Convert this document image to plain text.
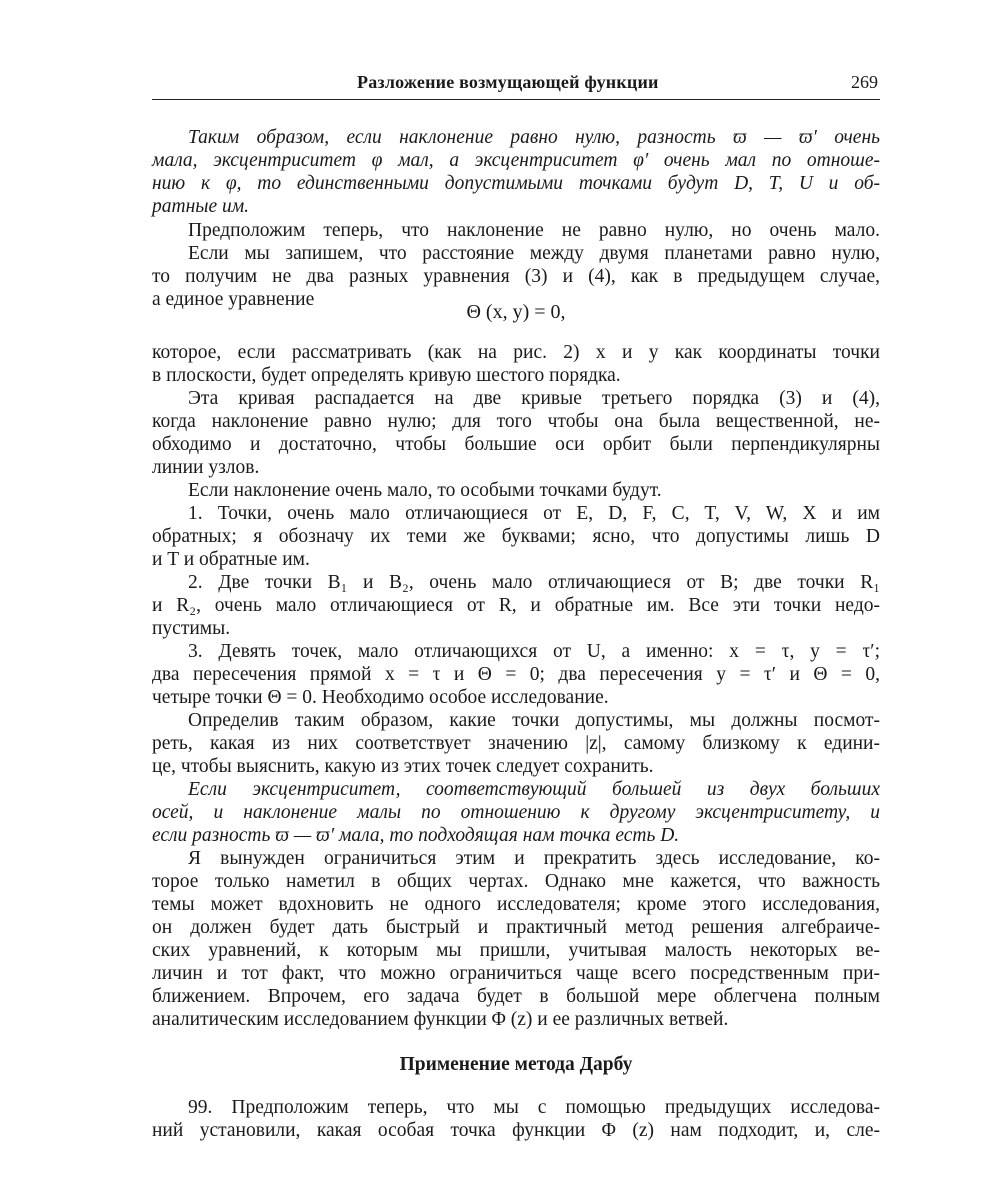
Разложение возмущающей функции	269

Таким образом, если наклонение равно нулю, разность ϖ — ϖ′ очень

мала, эксцентриситет φ мал, а эксцентриситет φ′ очень мал по отноше-

нию к φ, то единственными допустимыми точками будут D, T, U и об-

ратные им.

Предположим теперь, что наклонение не равно нулю, но очень мало.

Если мы запишем, что расстояние между двумя планетами равно нулю,

то получим не два разных уравнения (3) и (4), как в предыдущем случае,

а единое уравнение

Θ (x, y) = 0,

которое, если рассматривать (как на рис. 2) x и y как координаты точки

в плоскости, будет определять кривую шестого порядка.

Эта кривая распадается на две кривые третьего порядка (3) и (4),

когда наклонение равно нулю; для того чтобы она была вещественной, не-

обходимо и достаточно, чтобы большие оси орбит были перпендикулярны

линии узлов.

Если наклонение очень мало, то особыми точками будут.

1. Точки, очень мало отличающиеся от E, D, F, C, T, V, W, X и им

обратных; я обозначу их теми же буквами; ясно, что допустимы лишь D

и T и обратные им.

2. Две точки B₁ и B₂, очень мало отличающиеся от B; две точки R₁

и R₂, очень мало отличающиеся от R, и обратные им. Все эти точки недо-

пустимы.

3. Девять точек, мало отличающихся от U, а именно: x = τ, y = τ′;

два пересечения прямой x = τ и Θ = 0; два пересечения y = τ′ и Θ = 0,

четыре точки Θ = 0. Необходимо особое исследование.

Определив таким образом, какие точки допустимы, мы должны посмот-

реть, какая из них соответствует значению |z|, самому близкому к едини-

це, чтобы выяснить, какую из этих точек следует сохранить.

Если эксцентриситет, соответствующий большей из двух больших

осей, и наклонение малы по отношению к другому эксцентриситету, и

если разность ϖ — ϖ′ мала, то подходящая нам точка есть D.

Я вынужден ограничиться этим и прекратить здесь исследование, ко-

торое только наметил в общих чертах. Однако мне кажется, что важность

темы может вдохновить не одного исследователя; кроме этого исследования,

он должен будет дать быстрый и практичный метод решения алгебраиче-

ских уравнений, к которым мы пришли, учитывая малость некоторых ве-

личин и тот факт, что можно ограничиться чаще всего посредственным при-

ближением. Впрочем, его задача будет в большой мере облегчена полным

аналитическим исследованием функции Φ (z) и ее различных ветвей.

Применение метода Дарбу

99. Предположим теперь, что мы с помощью предыдущих исследова-

ний установили, какая особая точка функции Φ (z) нам подходит, и, сле-
